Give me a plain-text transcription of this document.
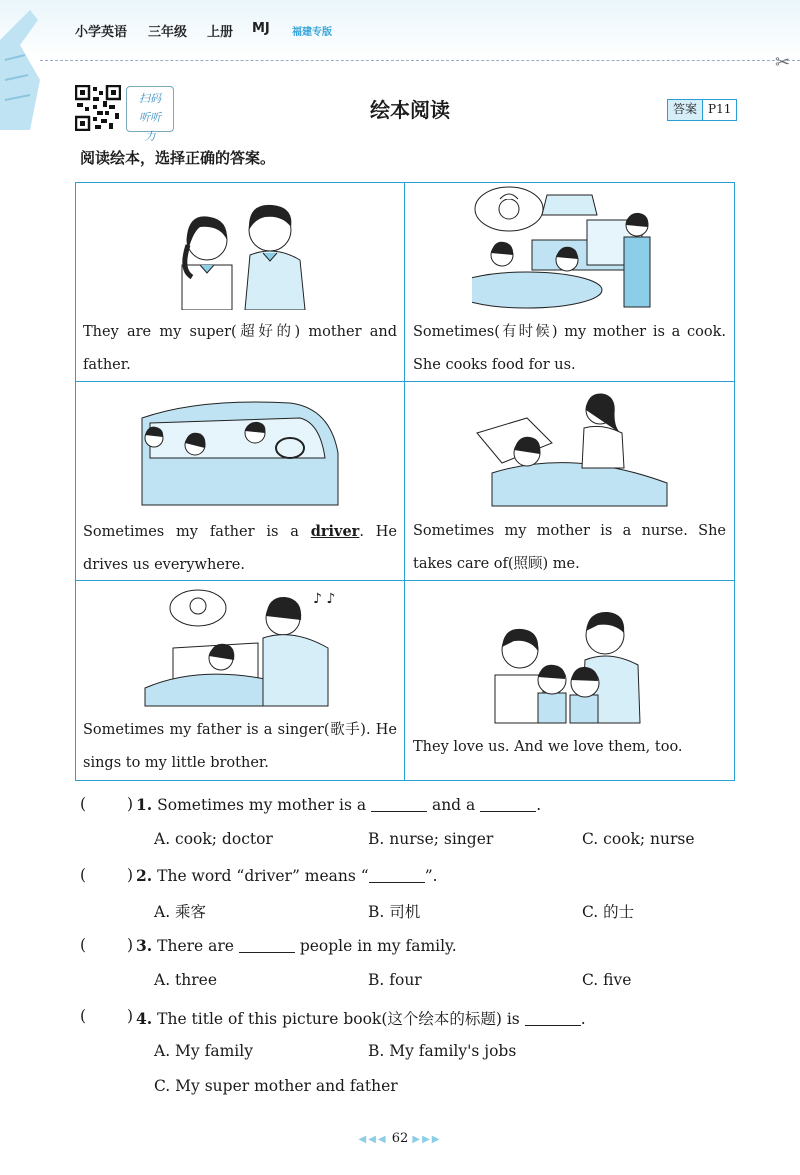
小学英语 三年级 上册 MJ 福建专版
✂
扫码听听力
绘本阅读	答案 P11
阅读绘本，选择正确的答案。
They are my super(超好的) mother and father.
Sometimes(有时候) my mother is a cook. She cooks food for us.
Sometimes my father is a driver. He drives us everywhere.
Sometimes my mother is a nurse. She takes care of(照顾) me.
♪ ♪
Sometimes my father is a singer(歌手). He sings to my little brother.
They love us. And we love them, too.
(	) 1. Sometimes my mother is a	and a	.
A. cook; doctor	B. nurse; singer	C. cook; nurse
(	) 2. The word “driver” means “	”.
A. 乘客	B. 司机	C. 的士
(	) 3. There are	people in my family.
A. three	B. four	C. five
(	) 4. The title of this picture book(这个绘本的标题) is	.
A. My family	B. My family's jobs
C. My super mother and father
◀◀◀ 62 ▶▶▶
